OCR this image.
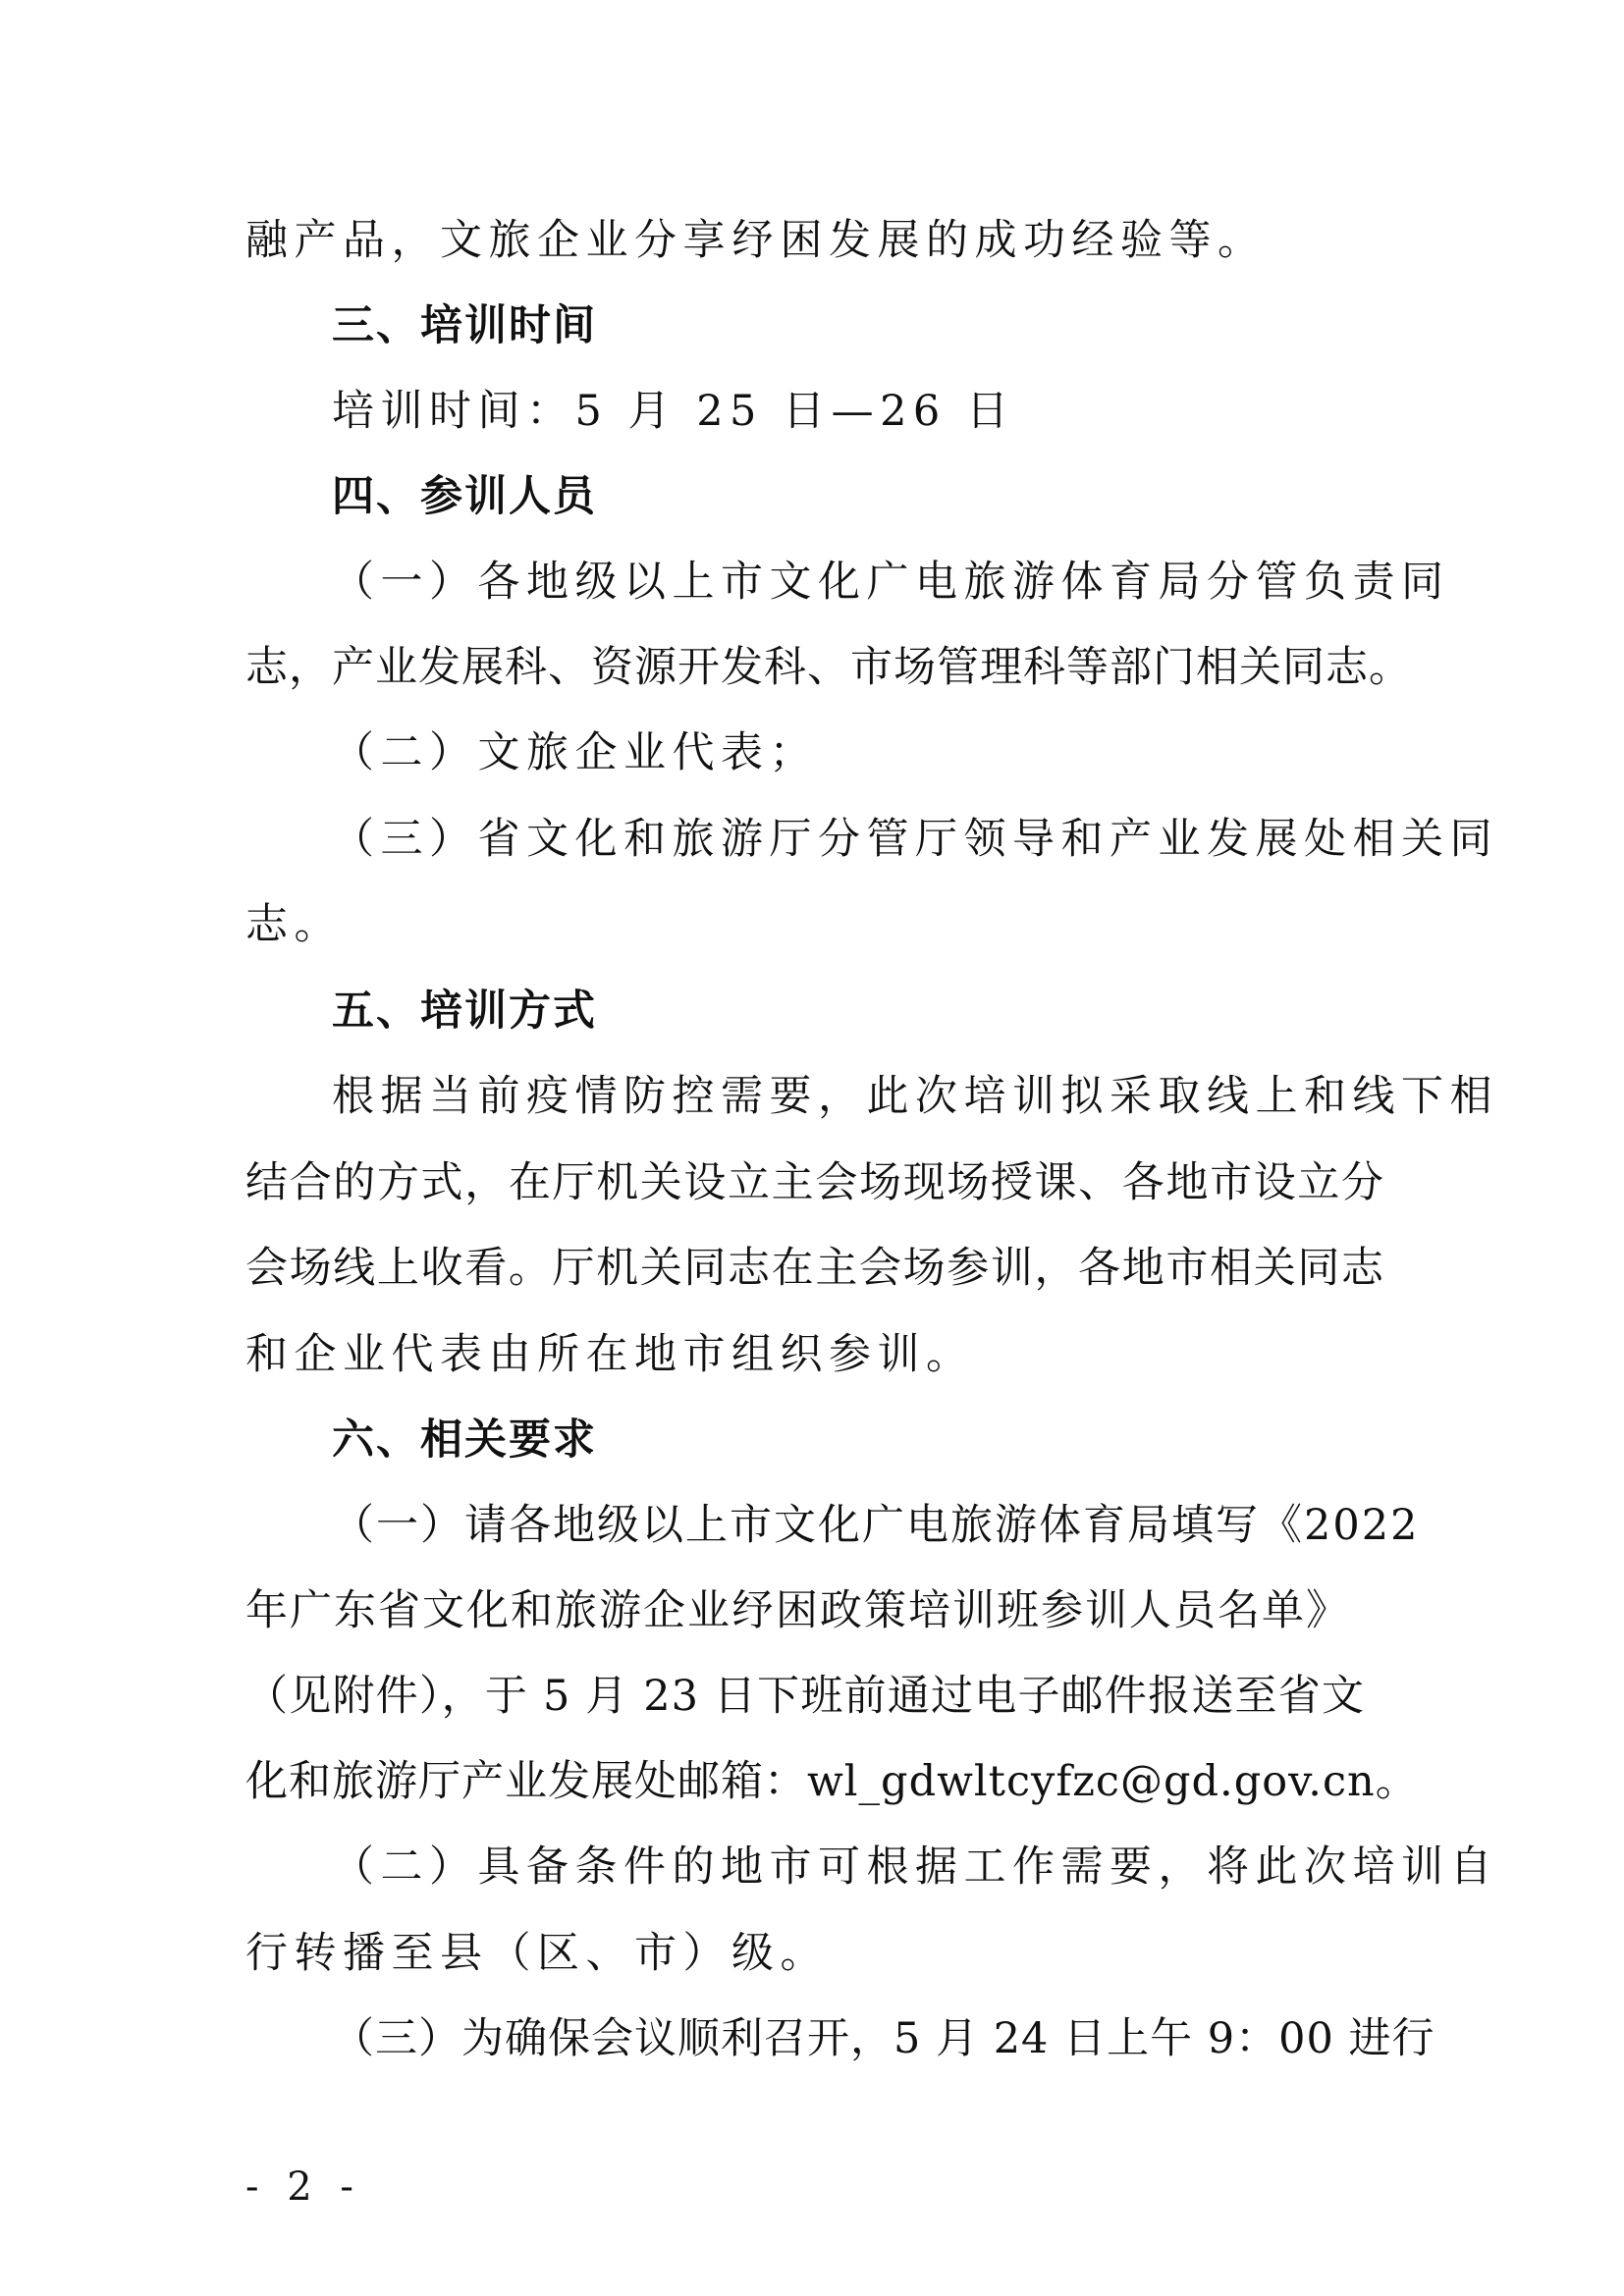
融产品，文旅企业分享纾困发展的成功经验等。
三、培训时间
培训时间：5 月 25 日—26 日
四、参训人员
（一）各地级以上市文化广电旅游体育局分管负责同
志，产业发展科、资源开发科、市场管理科等部门相关同志。
（二）文旅企业代表；
（三）省文化和旅游厅分管厅领导和产业发展处相关同
志。
五、培训方式
根据当前疫情防控需要，此次培训拟采取线上和线下相
结合的方式，在厅机关设立主会场现场授课、各地市设立分
会场线上收看。厅机关同志在主会场参训，各地市相关同志
和企业代表由所在地市组织参训。
六、相关要求
（一）请各地级以上市文化广电旅游体育局填写《2022
年广东省文化和旅游企业纾困政策培训班参训人员名单》
（见附件），于 5 月 23 日下班前通过电子邮件报送至省文
化和旅游厅产业发展处邮箱：wl_gdwltcyfzc@gd.gov.cn。
（二）具备条件的地市可根据工作需要，将此次培训自
行转播至县（区、市）级。
（三）为确保会议顺利召开，5 月 24 日上午 9：00 进行
- 2 -
